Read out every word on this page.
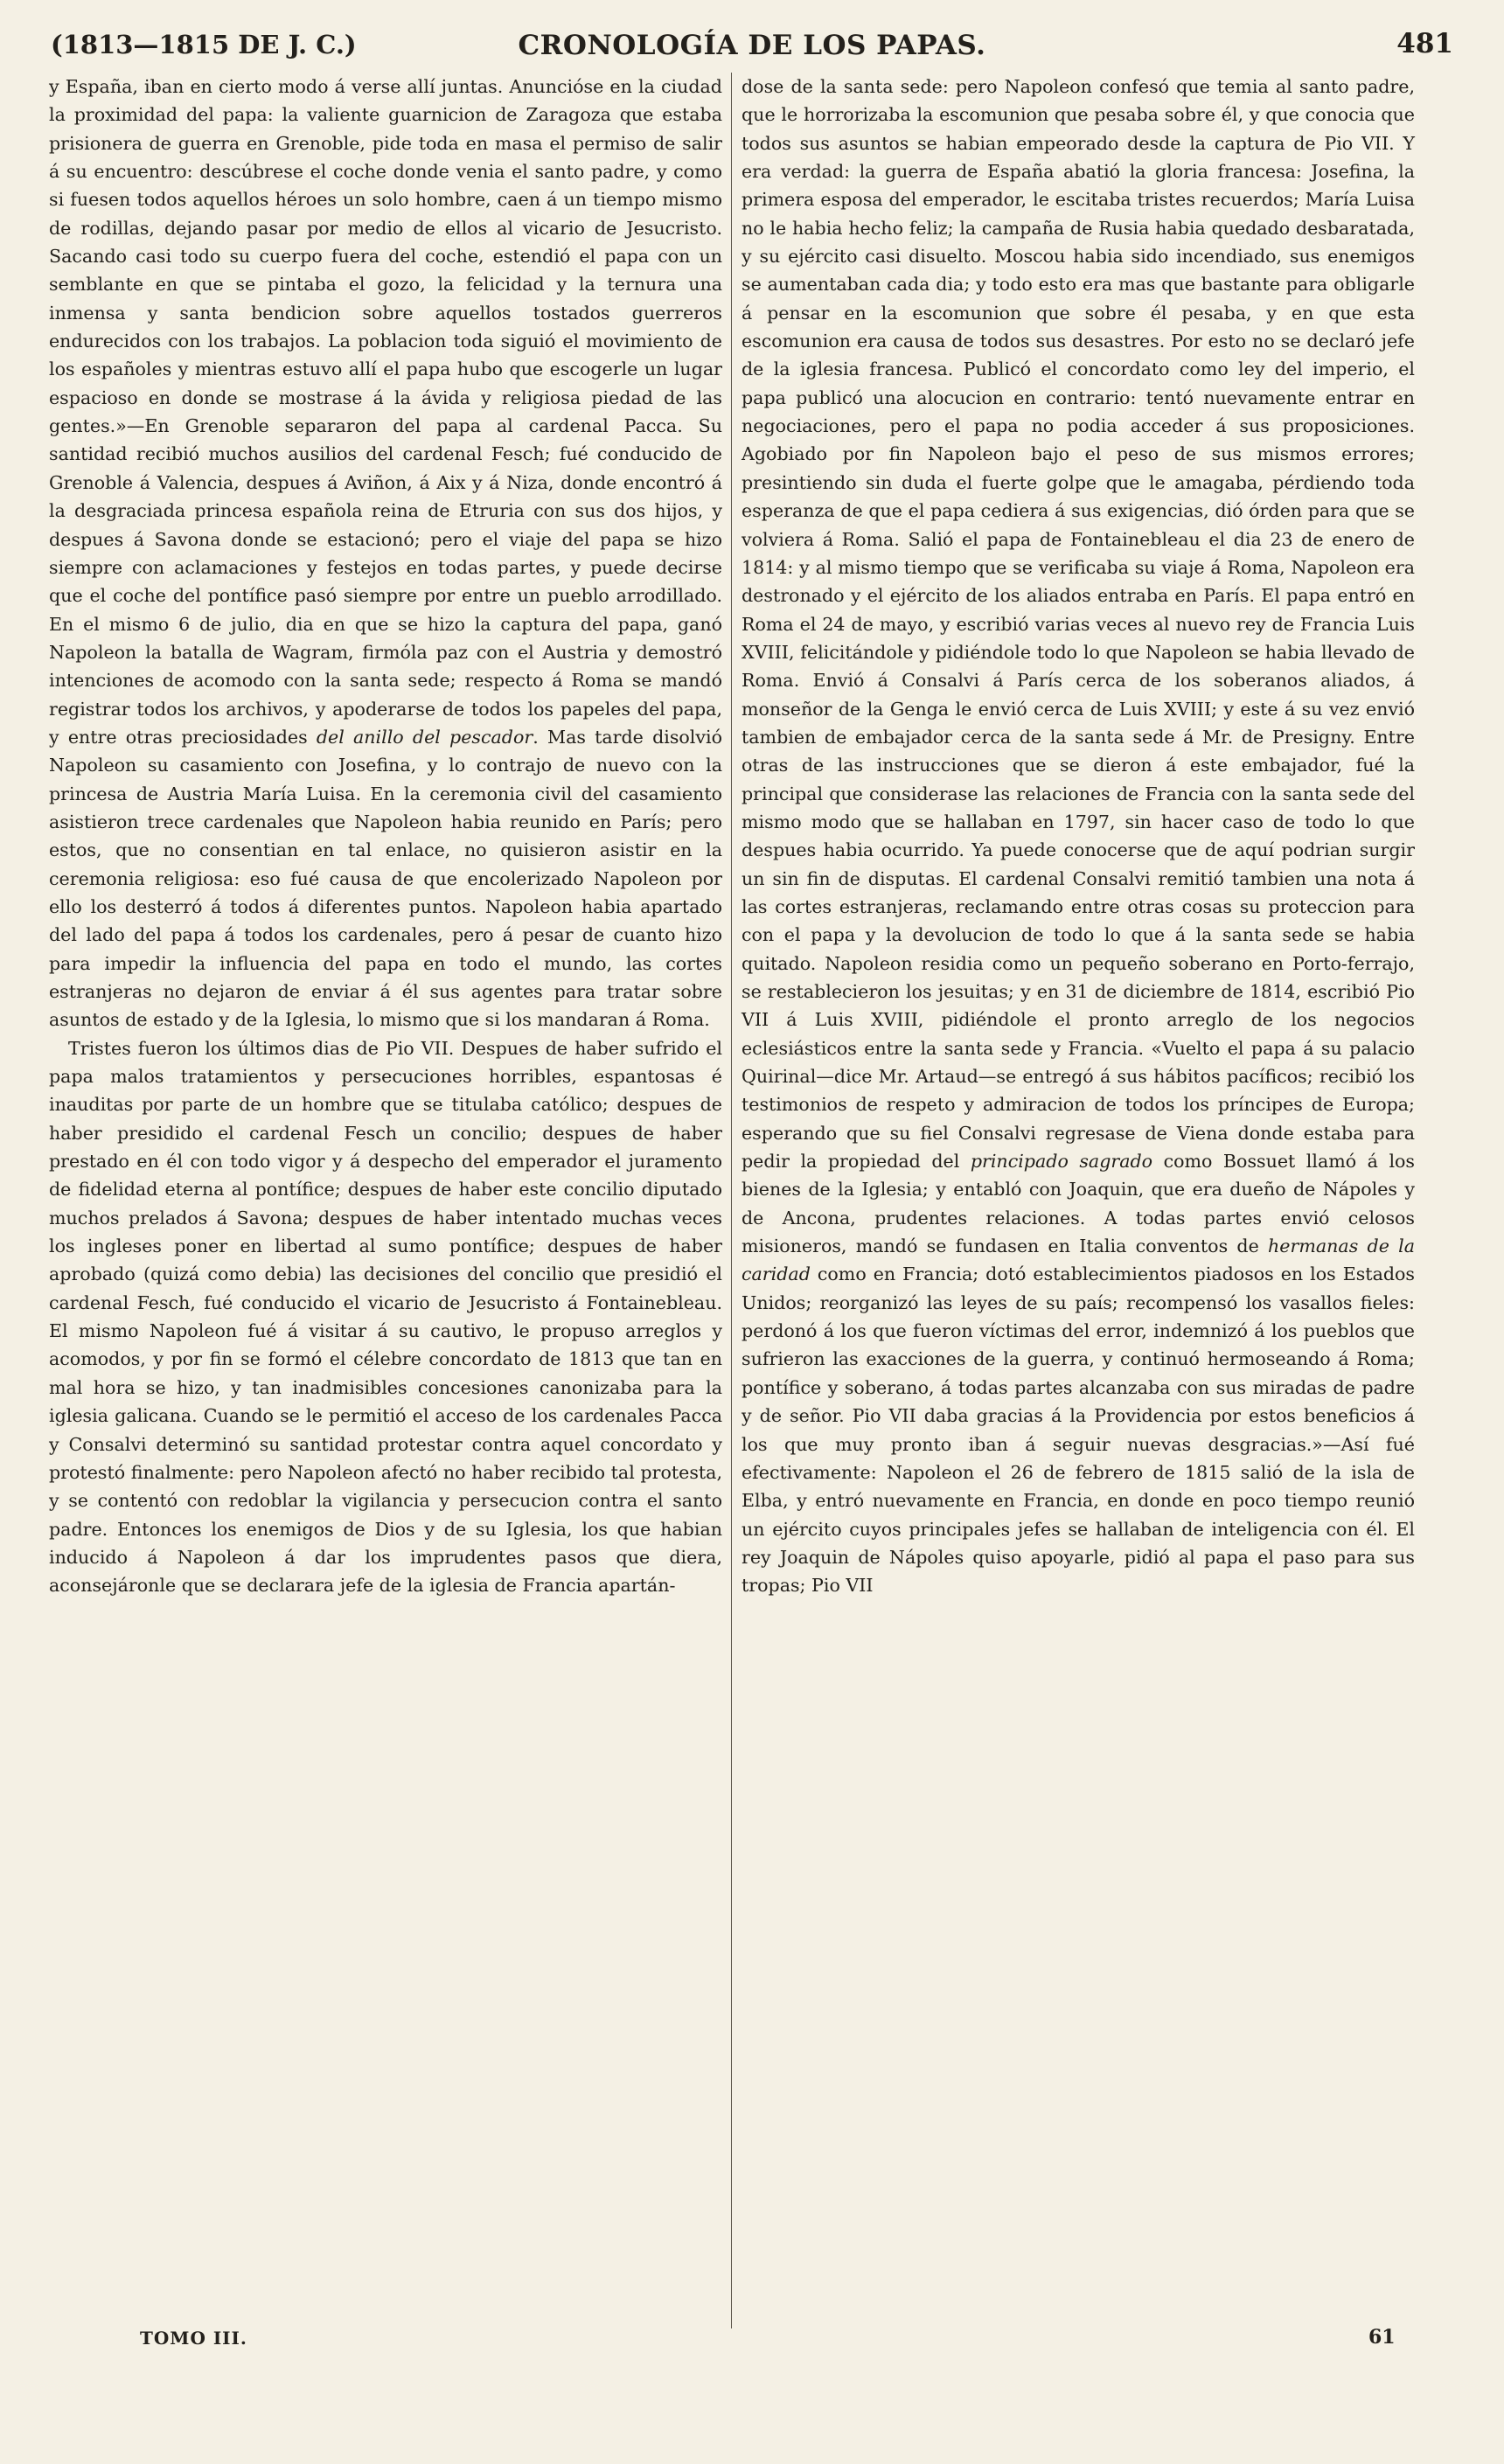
(1813—1815 DE J. C.)	CRONOLOGÍA DE LOS PAPAS.	481

y España, iban en cierto modo á verse allí juntas. Anuncióse en la ciudad la proximidad del papa: la valiente guarnicion de Zaragoza que estaba prisionera de guerra en Grenoble, pide toda en masa el permiso de salir á su encuentro: descúbrese el coche donde venia el santo padre, y como si fuesen todos aquellos héroes un solo hombre, caen á un tiempo mismo de rodillas, dejando pasar por medio de ellos al vicario de Jesucristo. Sacando casi todo su cuerpo fuera del coche, estendió el papa con un semblante en que se pintaba el gozo, la felicidad y la ternura una inmensa y santa bendicion sobre aquellos tostados guerreros endurecidos con los trabajos. La poblacion toda siguió el movimiento de los españoles y mientras estuvo allí el papa hubo que escogerle un lugar espacioso en donde se mostrase á la ávida y religiosa piedad de las gentes.»—En Grenoble separaron del papa al cardenal Pacca. Su santidad recibió muchos ausilios del cardenal Fesch; fué conducido de Grenoble á Valencia, despues á Aviñon, á Aix y á Niza, donde encontró á la desgraciada princesa española reina de Etruria con sus dos hijos, y despues á Savona donde se estacionó; pero el viaje del papa se hizo siempre con aclamaciones y festejos en todas partes, y puede decirse que el coche del pontífice pasó siempre por entre un pueblo arrodillado. En el mismo 6 de julio, dia en que se hizo la captura del papa, ganó Napoleon la batalla de Wagram, firmóla paz con el Austria y demostró intenciones de acomodo con la santa sede; respecto á Roma se mandó registrar todos los archivos, y apoderarse de todos los papeles del papa, y entre otras preciosidades del anillo del pescador. Mas tarde disolvió Napoleon su casamiento con Josefina, y lo contrajo de nuevo con la princesa de Austria María Luisa. En la ceremonia civil del casamiento asistieron trece cardenales que Napoleon habia reunido en París; pero estos, que no consentian en tal enlace, no quisieron asistir en la ceremonia religiosa: eso fué causa de que encolerizado Napoleon por ello los desterró á todos á diferentes puntos. Napoleon habia apartado del lado del papa á todos los cardenales, pero á pesar de cuanto hizo para impedir la influencia del papa en todo el mundo, las cortes estranjeras no dejaron de enviar á él sus agentes para tratar sobre asuntos de estado y de la Iglesia, lo mismo que si los mandaran á Roma.

Tristes fueron los últimos dias de Pio VII. Despues de haber sufrido el papa malos tratamientos y persecuciones horribles, espantosas é inauditas por parte de un hombre que se titulaba católico; despues de haber presidido el cardenal Fesch un concilio; despues de haber prestado en él con todo vigor y á despecho del emperador el juramento de fidelidad eterna al pontífice; despues de haber este concilio diputado muchos prelados á Savona; despues de haber intentado muchas veces los ingleses poner en libertad al sumo pontífice; despues de haber aprobado (quizá como debia) las decisiones del concilio que presidió el cardenal Fesch, fué conducido el vicario de Jesucristo á Fontainebleau. El mismo Napoleon fué á visitar á su cautivo, le propuso arreglos y acomodos, y por fin se formó el célebre concordato de 1813 que tan en mal hora se hizo, y tan inadmisibles concesiones canonizaba para la iglesia galicana. Cuando se le permitió el acceso de los cardenales Pacca y Consalvi determinó su santidad protestar contra aquel concordato y protestó finalmente: pero Napoleon afectó no haber recibido tal protesta, y se contentó con redoblar la vigilancia y persecucion contra el santo padre. Entonces los enemigos de Dios y de su Iglesia, los que habian inducido á Napoleon á dar los imprudentes pasos que diera, aconsejáronle que se declarara jefe de la iglesia de Francia apartán-

dose de la santa sede: pero Napoleon confesó que temia al santo padre, que le horrorizaba la escomunion que pesaba sobre él, y que conocia que todos sus asuntos se habian empeorado desde la captura de Pio VII. Y era verdad: la guerra de España abatió la gloria francesa: Josefina, la primera esposa del emperador, le escitaba tristes recuerdos; María Luisa no le habia hecho feliz; la campaña de Rusia habia quedado desbaratada, y su ejército casi disuelto. Moscou habia sido incendiado, sus enemigos se aumentaban cada dia; y todo esto era mas que bastante para obligarle á pensar en la escomunion que sobre él pesaba, y en que esta escomunion era causa de todos sus desastres. Por esto no se declaró jefe de la iglesia francesa. Publicó el concordato como ley del imperio, el papa publicó una alocucion en contrario: tentó nuevamente entrar en negociaciones, pero el papa no podia acceder á sus proposiciones. Agobiado por fin Napoleon bajo el peso de sus mismos errores; presintiendo sin duda el fuerte golpe que le amagaba, pérdiendo toda esperanza de que el papa cediera á sus exigencias, dió órden para que se volviera á Roma. Salió el papa de Fontainebleau el dia 23 de enero de 1814: y al mismo tiempo que se verificaba su viaje á Roma, Napoleon era destronado y el ejército de los aliados entraba en París. El papa entró en Roma el 24 de mayo, y escribió varias veces al nuevo rey de Francia Luis XVIII, felicitándole y pidiéndole todo lo que Napoleon se habia llevado de Roma. Envió á Consalvi á París cerca de los soberanos aliados, á monseñor de la Genga le envió cerca de Luis XVIII; y este á su vez envió tambien de embajador cerca de la santa sede á Mr. de Presigny. Entre otras de las instrucciones que se dieron á este embajador, fué la principal que considerase las relaciones de Francia con la santa sede del mismo modo que se hallaban en 1797, sin hacer caso de todo lo que despues habia ocurrido. Ya puede conocerse que de aquí podrian surgir un sin fin de disputas. El cardenal Consalvi remitió tambien una nota á las cortes estranjeras, reclamando entre otras cosas su proteccion para con el papa y la devolucion de todo lo que á la santa sede se habia quitado. Napoleon residia como un pequeño soberano en Porto-ferrajo, se restablecieron los jesuitas; y en 31 de diciembre de 1814, escribió Pio VII á Luis XVIII, pidiéndole el pronto arreglo de los negocios eclesiásticos entre la santa sede y Francia. «Vuelto el papa á su palacio Quirinal—dice Mr. Artaud—se entregó á sus hábitos pacíficos; recibió los testimonios de respeto y admiracion de todos los príncipes de Europa; esperando que su fiel Consalvi regresase de Viena donde estaba para pedir la propiedad del principado sagrado como Bossuet llamó á los bienes de la Iglesia; y entabló con Joaquin, que era dueño de Nápoles y de Ancona, prudentes relaciones. A todas partes envió celosos misioneros, mandó se fundasen en Italia conventos de hermanas de la caridad como en Francia; dotó establecimientos piadosos en los Estados Unidos; reorganizó las leyes de su país; recompensó los vasallos fieles: perdonó á los que fueron víctimas del error, indemnizó á los pueblos que sufrieron las exacciones de la guerra, y continuó hermoseando á Roma; pontífice y soberano, á todas partes alcanzaba con sus miradas de padre y de señor. Pio VII daba gracias á la Providencia por estos beneficios á los que muy pronto iban á seguir nuevas desgracias.»—Así fué efectivamente: Napoleon el 26 de febrero de 1815 salió de la isla de Elba, y entró nuevamente en Francia, en donde en poco tiempo reunió un ejército cuyos principales jefes se hallaban de inteligencia con él. El rey Joaquin de Nápoles quiso apoyarle, pidió al papa el paso para sus tropas; Pio VII

TOMO III.	61
